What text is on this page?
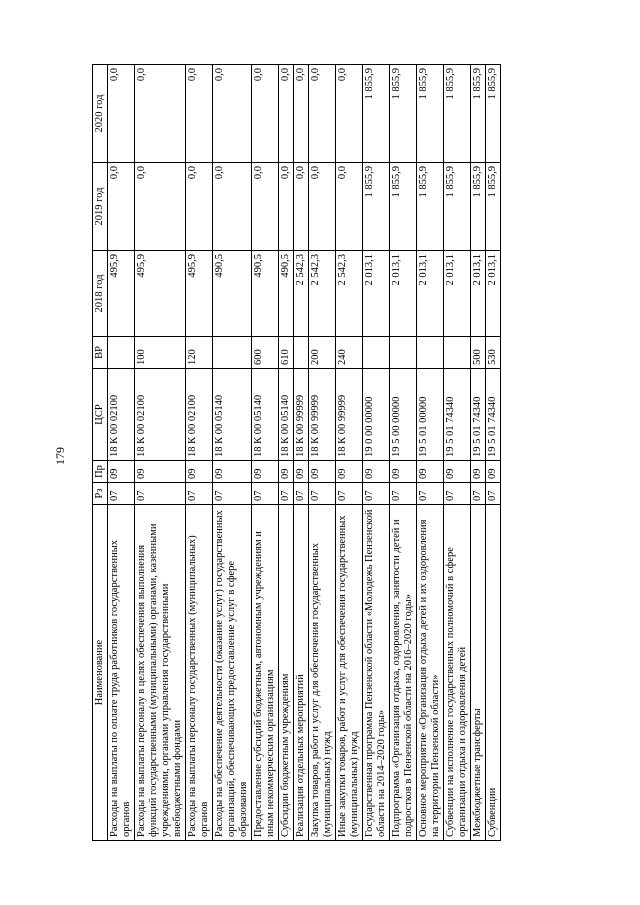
179
Наименование	Рз	Пр	ЦСР	ВР	2018 год	2019 год	2020 год
Расходы на выплаты по оплате труда работников государственных органов	07	09	18 К 00 02100		495,9	0,0	0,0
Расходы на выплаты персоналу в целях обеспечения выполнения функций государственными (муниципальными) органами, казенными учреждениями, органами управления государственными внебюджетными фондами	07	09	18 К 00 02100	100	495,9	0,0	0,0
Расходы на выплаты персоналу государственных (муниципальных) органов	07	09	18 К 00 02100	120	495,9	0,0	0,0
Расходы на обеспечение деятельности (оказание услуг) государственных организаций, обеспечивающих предоставление услуг в сфере образования	07	09	18 К 00 05140		490,5	0,0	0,0
Предоставление субсидий бюджетным, автономным учреждениям и иным некоммерческим организациям	07	09	18 К 00 05140	600	490,5	0,0	0,0
Субсидии бюджетным учреждениям	07	09	18 К 00 05140	610	490,5	0,0	0,0
Реализация отдельных мероприятий	07	09	18 К 00 99999		2 542,3	0,0	0,0
Закупка товаров, работ и услуг для обеспечения государственных (муниципальных) нужд	07	09	18 К 00 99999	200	2 542,3	0,0	0,0
Иные закупки товаров, работ и услуг для обеспечения государственных (муниципальных) нужд	07	09	18 К 00 99999	240	2 542,3	0,0	0,0
Государственная программа Пензенской области «Молодежь Пензенской области на 2014–2020 годы»	07	09	19 0 00 00000		2 013,1	1 855,9	1 855,9
Подпрограмма «Организация отдыха, оздоровления, занятости детей и подростков в Пензенской области на 2016–2020 годы»	07	09	19 5 00 00000		2 013,1	1 855,9	1 855,9
Основное мероприятие «Организация отдыха детей и их оздоровления на территории Пензенской области»	07	09	19 5 01 00000		2 013,1	1 855,9	1 855,9
Субвенции на исполнение государственных полномочий в сфере организации отдыха и оздоровления детей	07	09	19 5 01 74340		2 013,1	1 855,9	1 855,9
Межбюджетные трансферты	07	09	19 5 01 74340	500	2 013,1	1 855,9	1 855,9
Субвенции	07	09	19 5 01 74340	530	2 013,1	1 855,9	1 855,9
